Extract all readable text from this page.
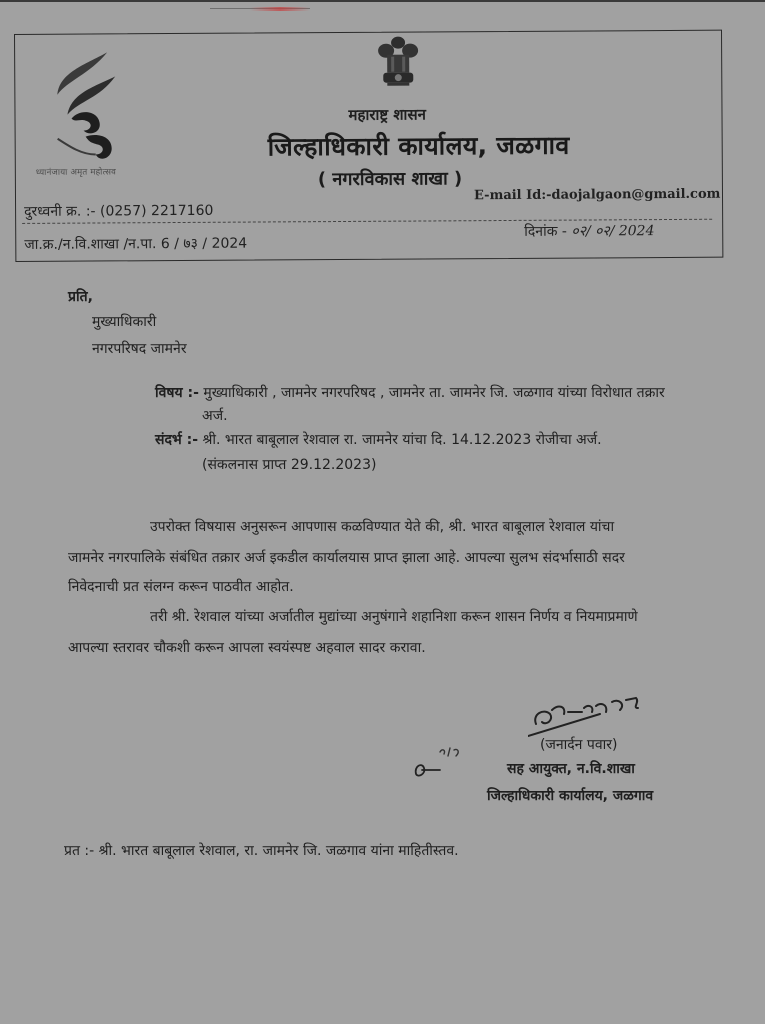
ध्यानंजाया अमृत महोत्सव
महाराष्ट्र शासन
जिल्हाधिकारी कार्यालय, जळगाव
( नगरविकास शाखा )
दुरध्वनी क्र. :- (0257) 2217160
E-mail Id:-daojalgaon@gmail.com
जा.क्र./न.वि.शाखा /न.पा. 6 / ७३ / 2024
दिनांक - ०२/ ०२/ 2024
प्रति,
मुख्याधिकारी
नगरपरिषद जामनेर
विषय :- मुख्याधिकारी , जामनेर नगरपरिषद , जामनेर ता. जामनेर जि. जळगाव यांच्या विरोधात तक्रार
अर्ज.
संदर्भ :- श्री. भारत बाबूलाल रेशवाल रा. जामनेर यांचा दि. 14.12.2023 रोजीचा अर्ज.
(संकलनास प्राप्त 29.12.2023)
उपरोक्त विषयास अनुसरून आपणास कळविण्यात येते की, श्री. भारत बाबूलाल रेशवाल यांचा
जामनेर नगरपालिके संबंधित तक्रार अर्ज इकडील कार्यालयास प्राप्त झाला आहे. आपल्या सुलभ संदर्भासाठी सदर
निवेदनाची प्रत संलग्न करून पाठवीत आहोत.
तरी श्री. रेशवाल यांच्या अर्जातील मुद्यांच्या अनुषंगाने शहानिशा करून शासन निर्णय व नियमाप्रमाणे
आपल्या स्तरावर चौकशी करून आपला स्वयंस्पष्ट अहवाल सादर करावा.
(जनार्दन पवार)
सह आयुक्त, न.वि.शाखा
जिल्हाधिकारी कार्यालय, जळगाव
प्रत :- श्री. भारत बाबूलाल रेशवाल, रा. जामनेर जि. जळगाव यांना माहितीस्तव.
